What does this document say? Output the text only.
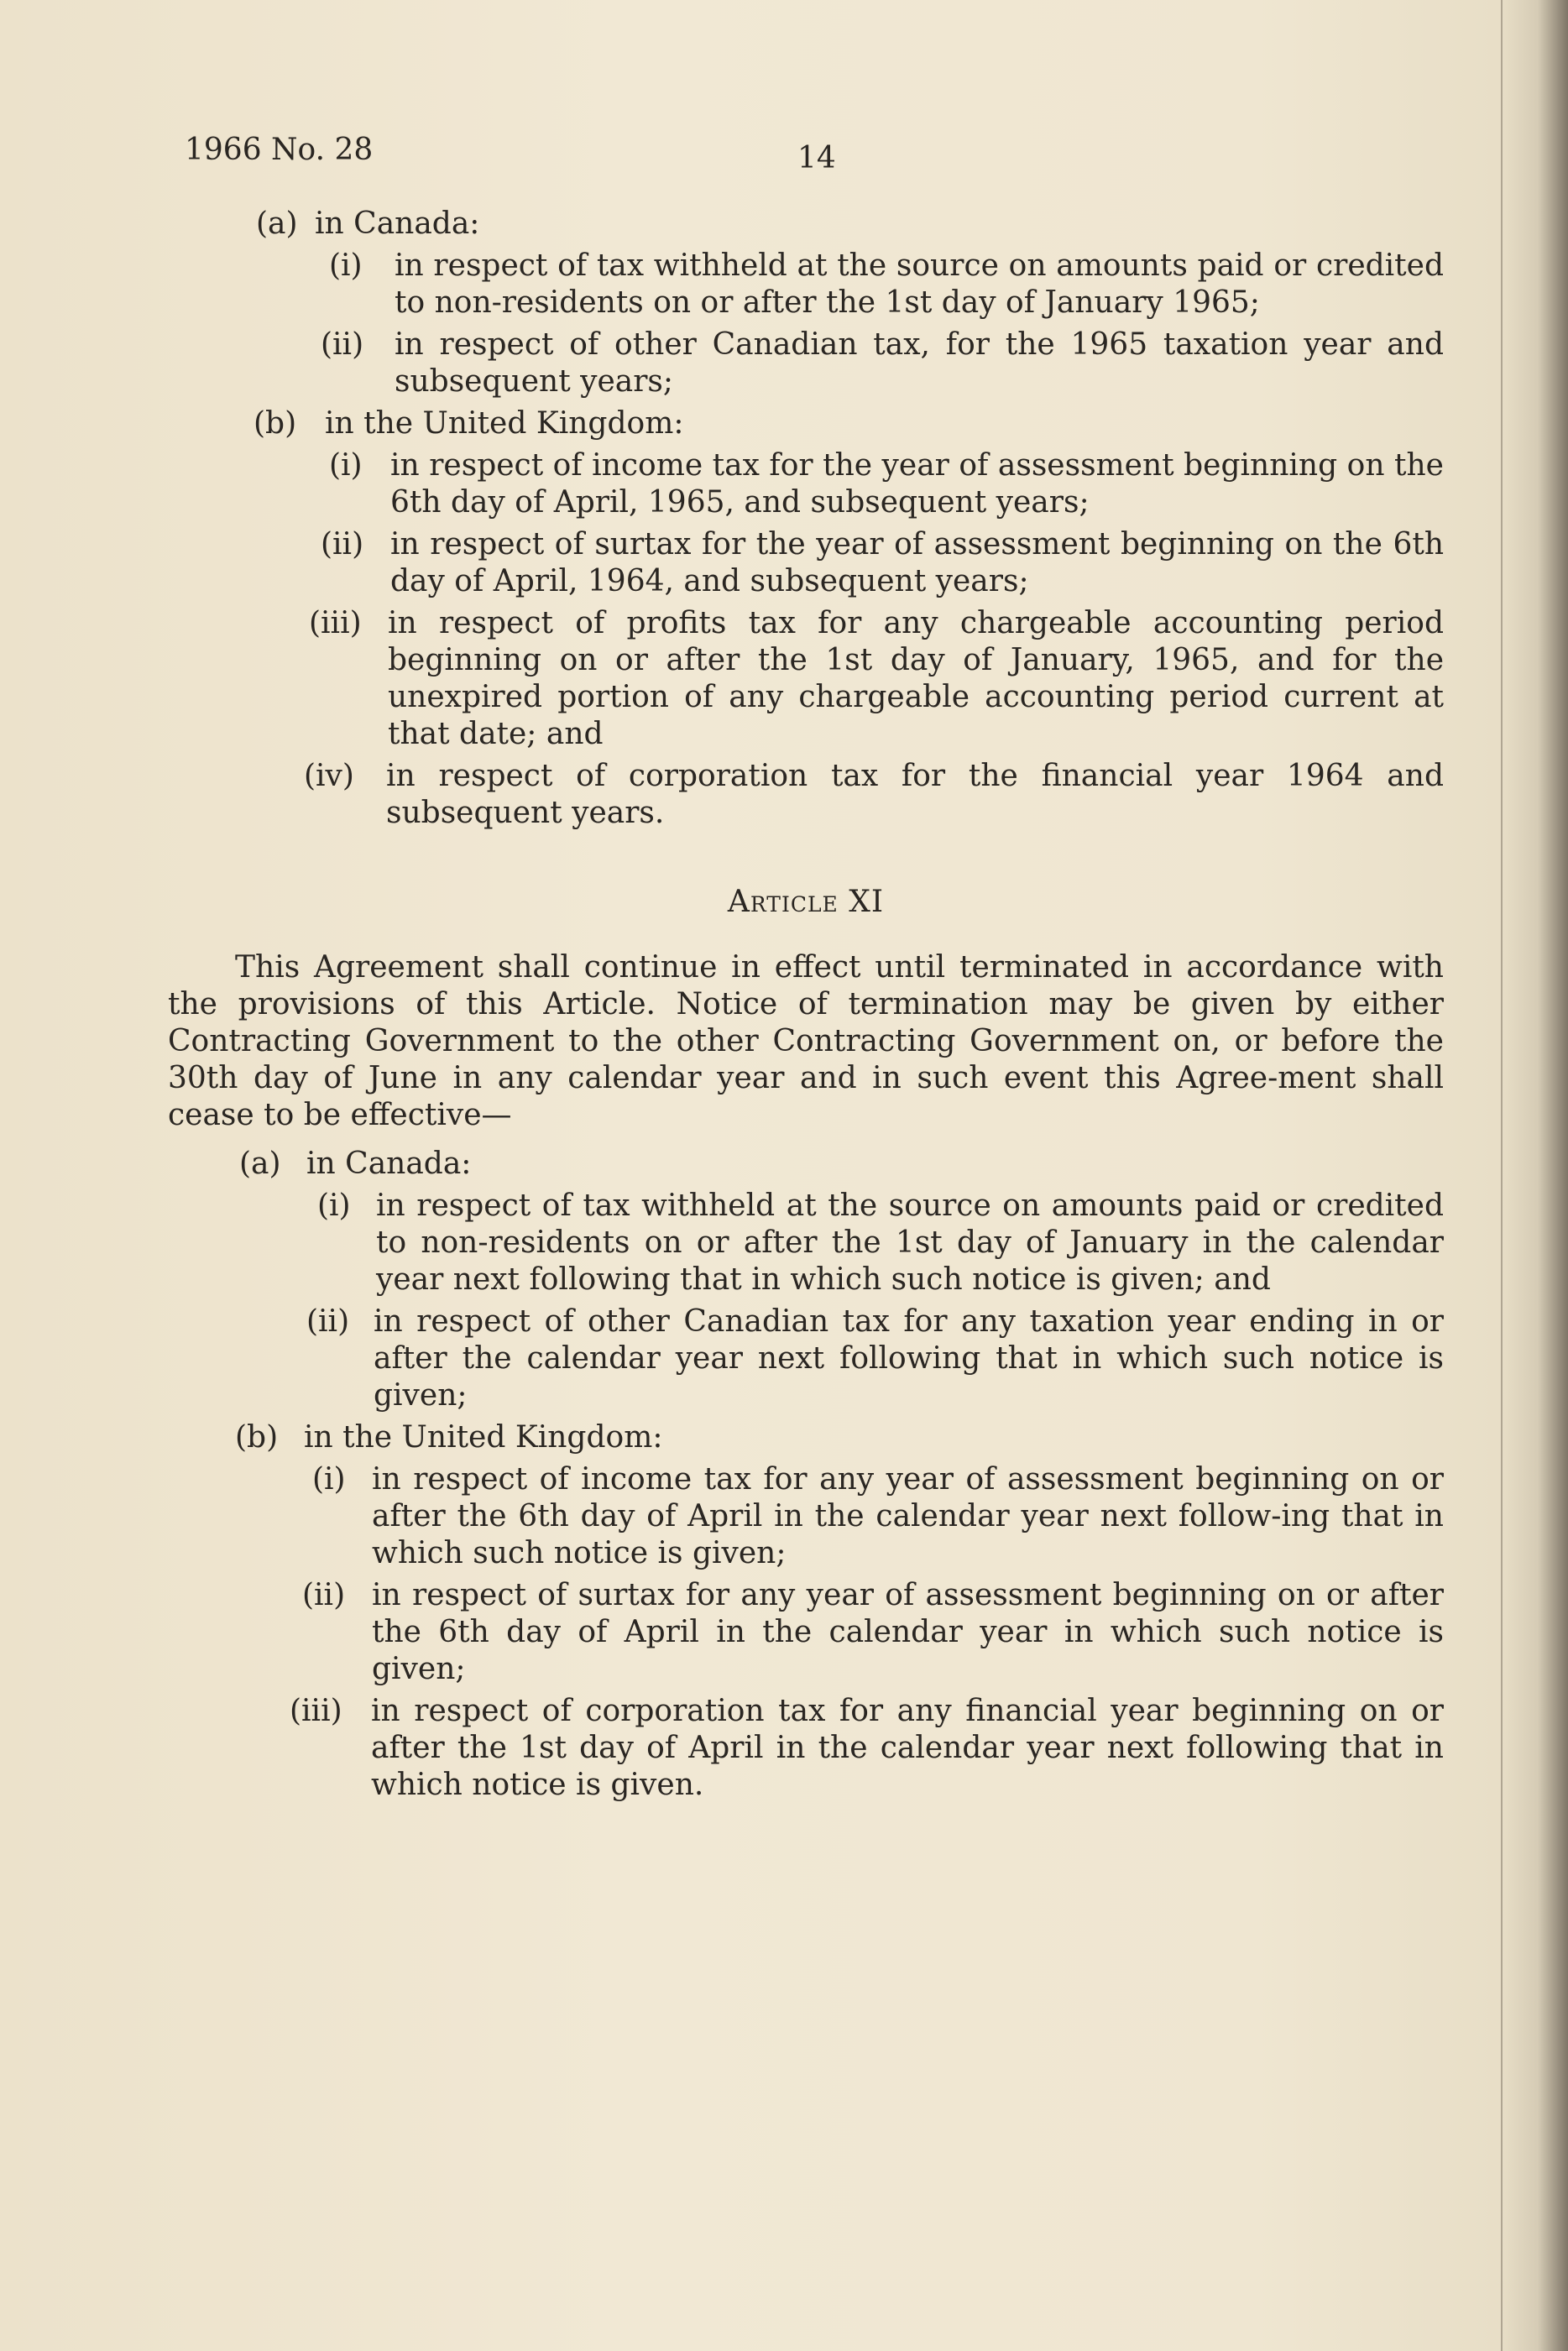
1966 No. 28	14
(a) in Canada:
(i)	in respect of tax withheld at the source on amounts paid or credited to non-residents on or after the 1st day of January 1965;
(ii)	in respect of other Canadian tax, for the 1965 taxation year and subsequent years;
(b) in the United Kingdom:
(i) in respect of income tax for the year of assessment beginning on the 6th day of April, 1965, and subsequent years;
(ii) in respect of surtax for the year of assessment beginning on the 6th day of April, 1964, and subsequent years;
(iii) in respect of profits tax for any chargeable accounting period beginning on or after the 1st day of January, 1965, and for the unexpired portion of any chargeable accounting period current at that date; and
(iv)	in respect of corporation tax for the financial year 1964 and subsequent years.
Article XI
This Agreement shall continue in effect until terminated in accordance with the provisions of this Article. Notice of termination may be given by either Contracting Government to the other Contracting Government on, or before the 30th day of June in any calendar year and in such event this Agree-ment shall cease to be effective—
(a) in Canada:
(i) in respect of tax withheld at the source on amounts paid or credited to non-residents on or after the 1st day of January in the calendar year next following that in which such notice is given; and
(ii) in respect of other Canadian tax for any taxation year ending in or after the calendar year next following that in which such notice is given;
(b) in the United Kingdom:
(i) in respect of income tax for any year of assessment beginning on or after the 6th day of April in the calendar year next follow-ing that in which such notice is given;
(ii) in respect of surtax for any year of assessment beginning on or after the 6th day of April in the calendar year in which such notice is given;
(iii) in respect of corporation tax for any financial year beginning on or after the 1st day of April in the calendar year next following that in which notice is given.
